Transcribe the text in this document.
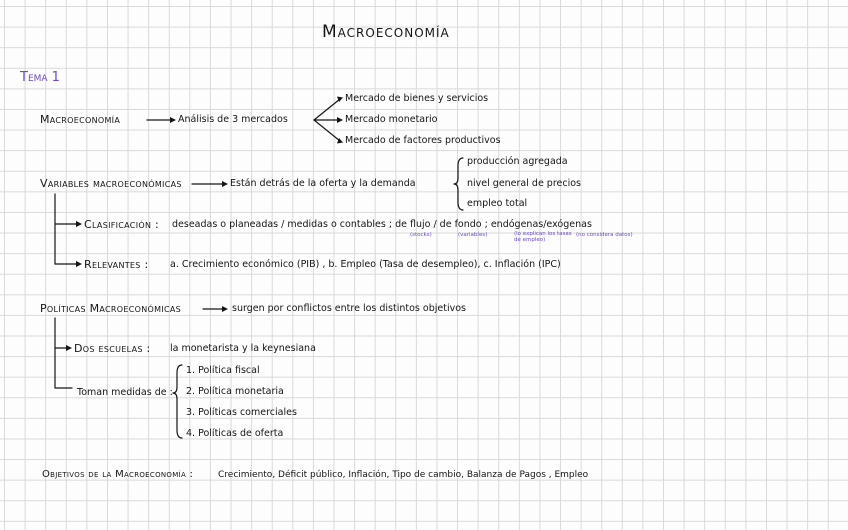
Macroeconomía
Tema 1
Macroeconomía	Análisis de 3 mercados
Mercado de bienes y servicios
Mercado monetario
Mercado de factores productivos
Variables macroeconómicas	Están detrás de la oferta y la demanda
producción agregada
nivel general de precios
empleo total
Clasificación : deseadas o planeadas / medidas o contables ; de flujo / de fondo ; endógenas/exógenas
(stocks)	(variables)	(lo explican los tasas de empleo)
(no considera datos)
Relevantes : a. Crecimiento económico (PIB) , b. Empleo (Tasa de desempleo), c. Inflación (IPC)
Políticas Macroeconómicas	surgen por conflictos entre los distintos objetivos
Dos escuelas : la monetarista y la keynesiana
Toman medidas de :
1. Política fiscal
2. Política monetaria
3. Políticas comerciales
4. Políticas de oferta
Objetivos de la Macroeconomía :	Crecimiento, Déficit público, Inflación, Tipo de cambio, Balanza de Pagos , Empleo
